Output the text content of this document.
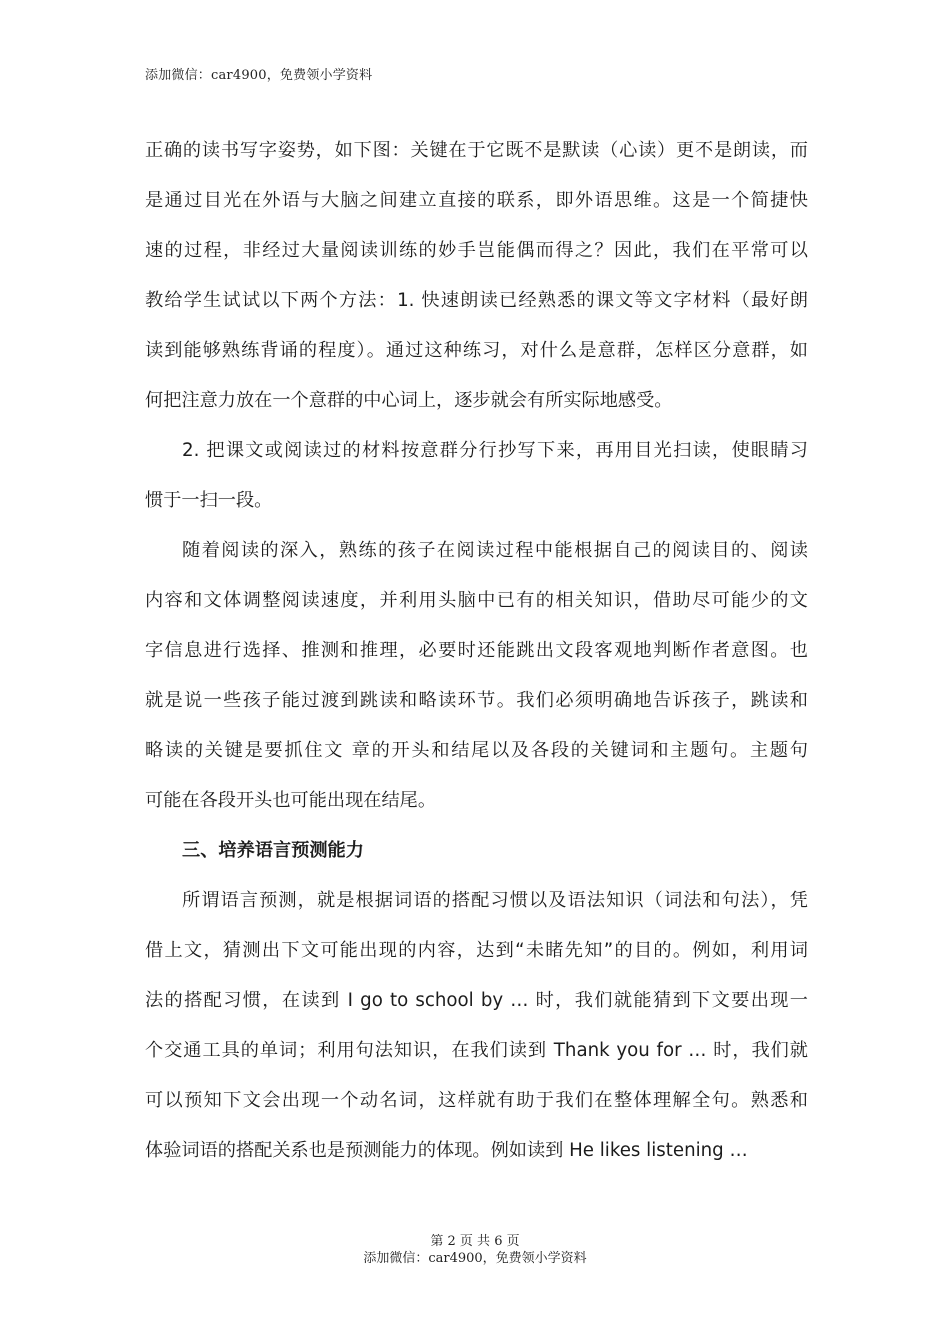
添加微信：car4900，免费领小学资料
正确的读书写字姿势，如下图：关键在于它既不是默读（心读）更不是朗读，而
是通过目光在外语与大脑之间建立直接的联系，即外语思维。这是一个简捷快
速的过程，非经过大量阅读训练的妙手岂能偶而得之？因此，我们在平常可以
教给学生试试以下两个方法：1. 快速朗读已经熟悉的课文等文字材料（最好朗
读到能够熟练背诵的程度）。通过这种练习，对什么是意群，怎样区分意群，如
何把注意力放在一个意群的中心词上，逐步就会有所实际地感受。
2. 把课文或阅读过的材料按意群分行抄写下来，再用目光扫读，使眼睛习
惯于一扫一段。
随着阅读的深入，熟练的孩子在阅读过程中能根据自己的阅读目的、阅读
内容和文体调整阅读速度，并利用头脑中已有的相关知识，借助尽可能少的文
字信息进行选择、推测和推理，必要时还能跳出文段客观地判断作者意图。也
就是说一些孩子能过渡到跳读和略读环节。我们必须明确地告诉孩子，跳读和
略读的关键是要抓住文 章的开头和结尾以及各段的关键词和主题句。主题句
可能在各段开头也可能出现在结尾。
三、培养语言预测能力
所谓语言预测，就是根据词语的搭配习惯以及语法知识（词法和句法），凭
借上文，猜测出下文可能出现的内容，达到“未睹先知”的目的。例如，利用词
法的搭配习惯，在读到 I go to school by … 时，我们就能猜到下文要出现一
个交通工具的单词；利用句法知识，在我们读到 Thank you for … 时，我们就
可以预知下文会出现一个动名词，这样就有助于我们在整体理解全句。熟悉和
体验词语的搭配关系也是预测能力的体现。例如读到 He likes listening …
第 2 页 共 6 页
添加微信：car4900，免费领小学资料
